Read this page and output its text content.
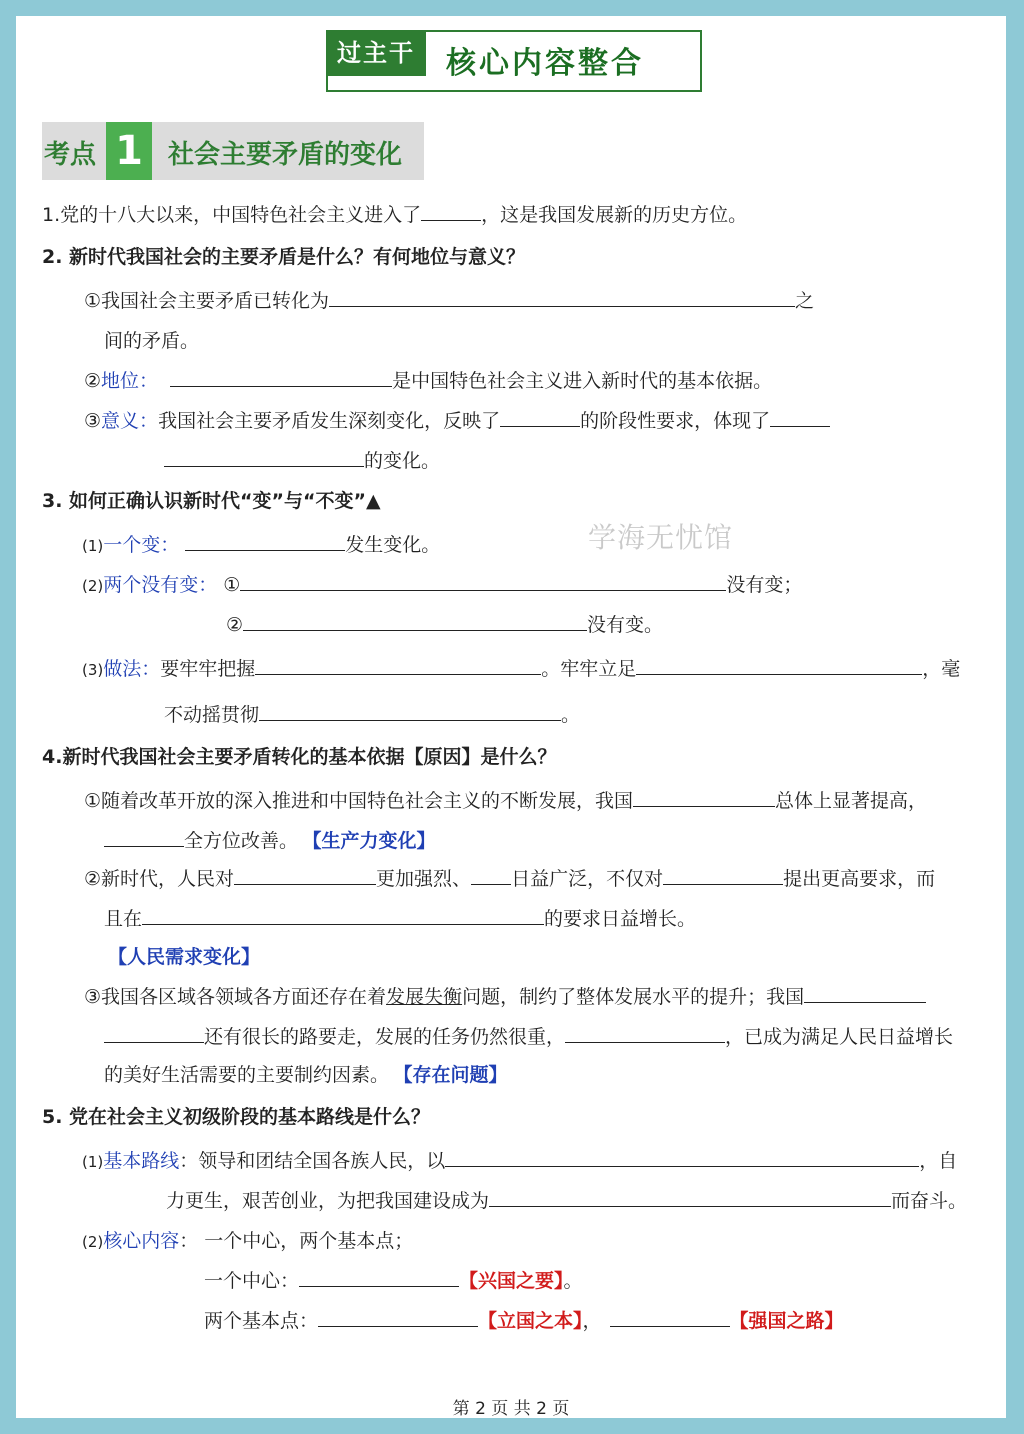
过主干	核心内容整合
考点 1 社会主要矛盾的变化
1.党的十八大以来，中国特色社会主义进入了	，这是我国发展新的历史方位。
2. 新时代我国社会的主要矛盾是什么？有何地位与意义？
①我国社会主要矛盾已转化为	之
间的矛盾。
②地位：	是中国特色社会主义进入新时代的基本依据。
③意义：我国社会主要矛盾发生深刻变化，反映了	的阶段性要求，体现了
的变化。
3. 如何正确认识新时代“变”与“不变”▲
学海无忧馆
(1)一个变：	发生变化。
(2)两个没有变： ①	没有变；
②	没有变。
(3)做法：要牢牢把握	。牢牢立足	，毫
不动摇贯彻	。
4.新时代我国社会主要矛盾转化的基本依据【原因】是什么？
①随着改革开放的深入推进和中国特色社会主义的不断发展，我国	总体上显著提高，
全方位改善。 【生产力变化】
②新时代，人民对	更加强烈、 日益广泛，不仅对	提出更高要求，而
且在	的要求日益增长。
【人民需求变化】
③我国各区域各领域各方面还存在着发展失衡问题，制约了整体发展水平的提升；我国
还有很长的路要走，发展的任务仍然很重，	，已成为满足人民日益增长
的美好生活需要的主要制约因素。 【存在问题】
5. 党在社会主义初级阶段的基本路线是什么？
(1)基本路线：领导和团结全国各族人民，以	，自
力更生，艰苦创业，为把我国建设成为	而奋斗。
(2)核心内容： 一个中心，两个基本点；
一个中心：	【兴国之要】。
两个基本点：	【立国之本】，	【强国之路】
第 2 页 共 2 页
